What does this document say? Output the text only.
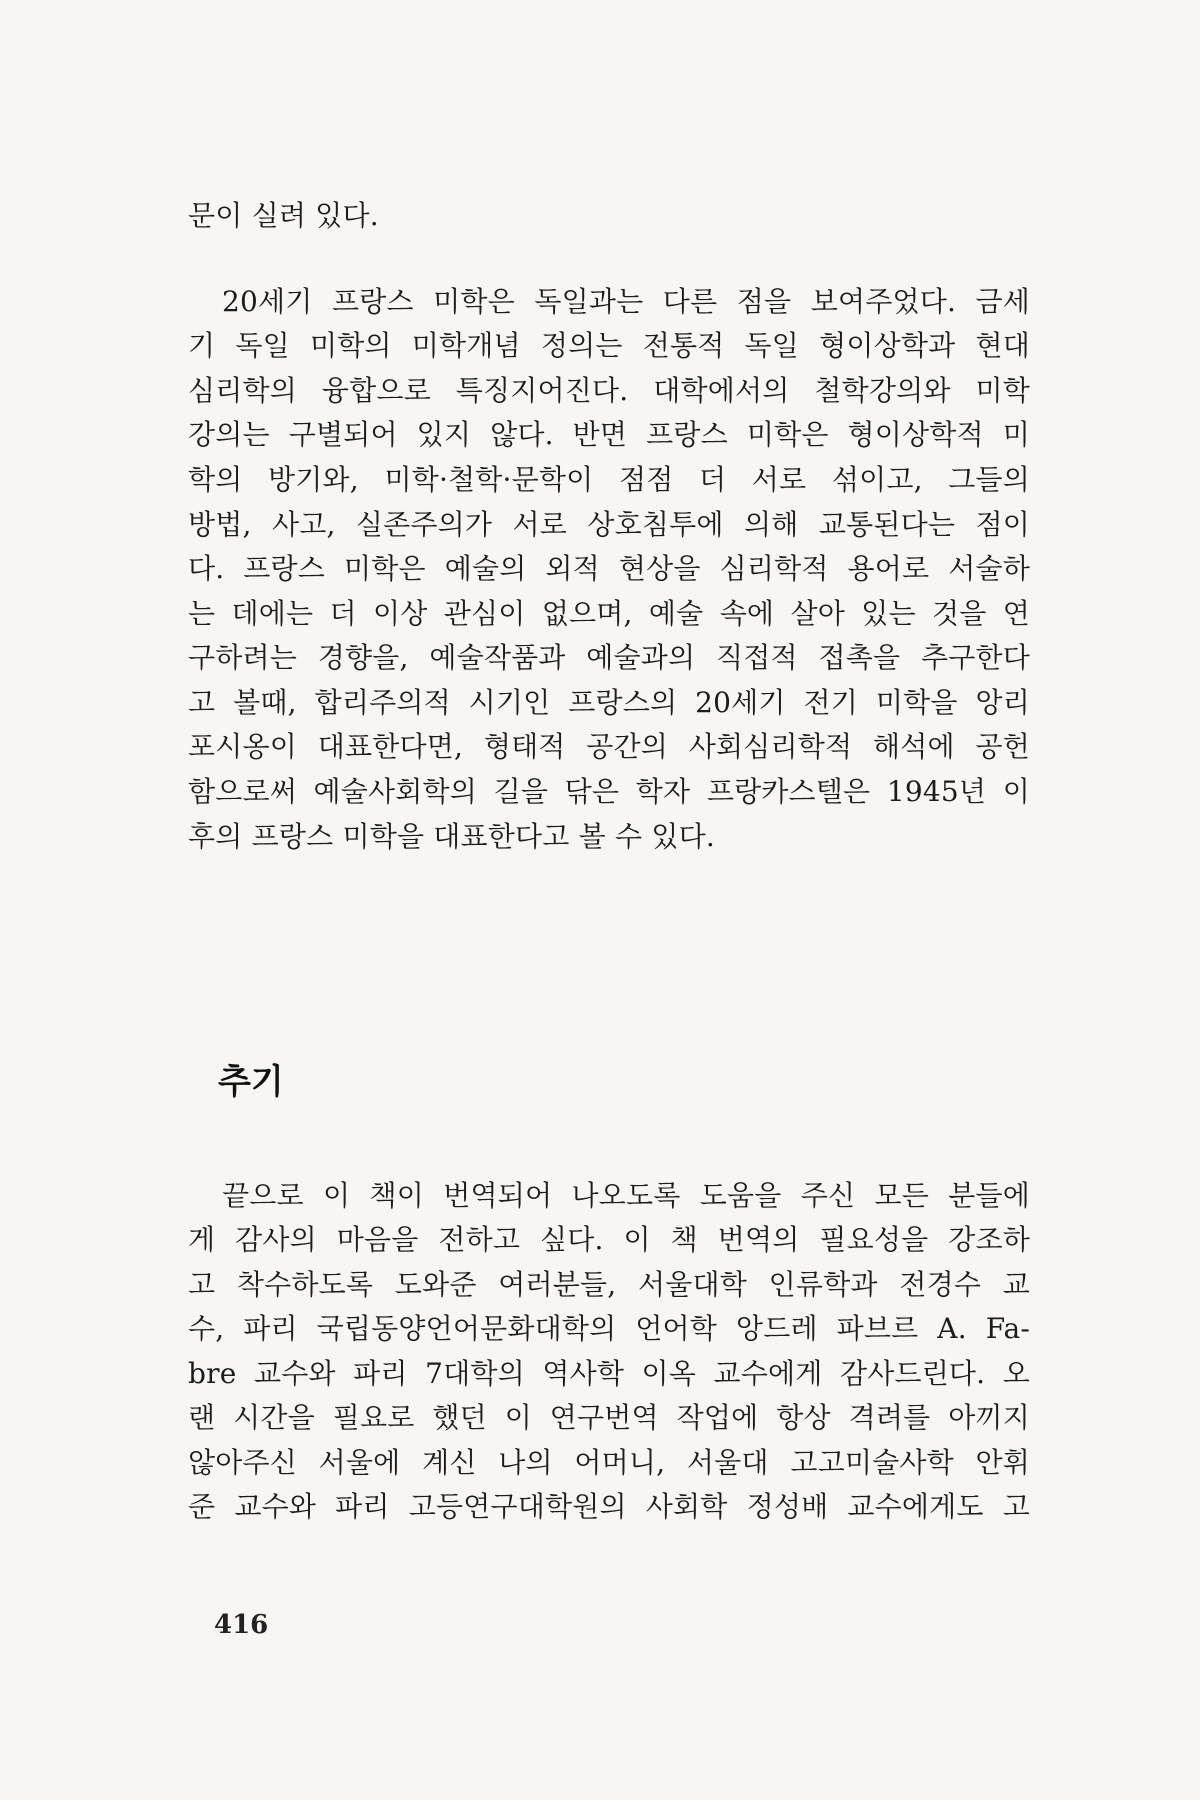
문이 실려 있다.
20세기 프랑스 미학은 독일과는 다른 점을 보여주었다. 금세
기 독일 미학의 미학개념 정의는 전통적 독일 형이상학과 현대
심리학의 융합으로 특징지어진다. 대학에서의 철학강의와 미학
강의는 구별되어 있지 않다. 반면 프랑스 미학은 형이상학적 미
학의 방기와, 미학·철학·문학이 점점 더 서로 섞이고, 그들의
방법, 사고, 실존주의가 서로 상호침투에 의해 교통된다는 점이
다. 프랑스 미학은 예술의 외적 현상을 심리학적 용어로 서술하
는 데에는 더 이상 관심이 없으며, 예술 속에 살아 있는 것을 연
구하려는 경향을, 예술작품과 예술과의 직접적 접촉을 추구한다
고 볼때, 합리주의적 시기인 프랑스의 20세기 전기 미학을 앙리
포시옹이 대표한다면, 형태적 공간의 사회심리학적 해석에 공헌
함으로써 예술사회학의 길을 닦은 학자 프랑카스텔은 1945년 이
후의 프랑스 미학을 대표한다고 볼 수 있다.
추기
끝으로 이 책이 번역되어 나오도록 도움을 주신 모든 분들에
게 감사의 마음을 전하고 싶다. 이 책 번역의 필요성을 강조하
고 착수하도록 도와준 여러분들, 서울대학 인류학과 전경수 교
수, 파리 국립동양언어문화대학의 언어학 앙드레 파브르 A. Fa-
bre 교수와 파리 7대학의 역사학 이옥 교수에게 감사드린다. 오
랜 시간을 필요로 했던 이 연구번역 작업에 항상 격려를 아끼지
않아주신 서울에 계신 나의 어머니, 서울대 고고미술사학 안휘
준 교수와 파리 고등연구대학원의 사회학 정성배 교수에게도 고
416
